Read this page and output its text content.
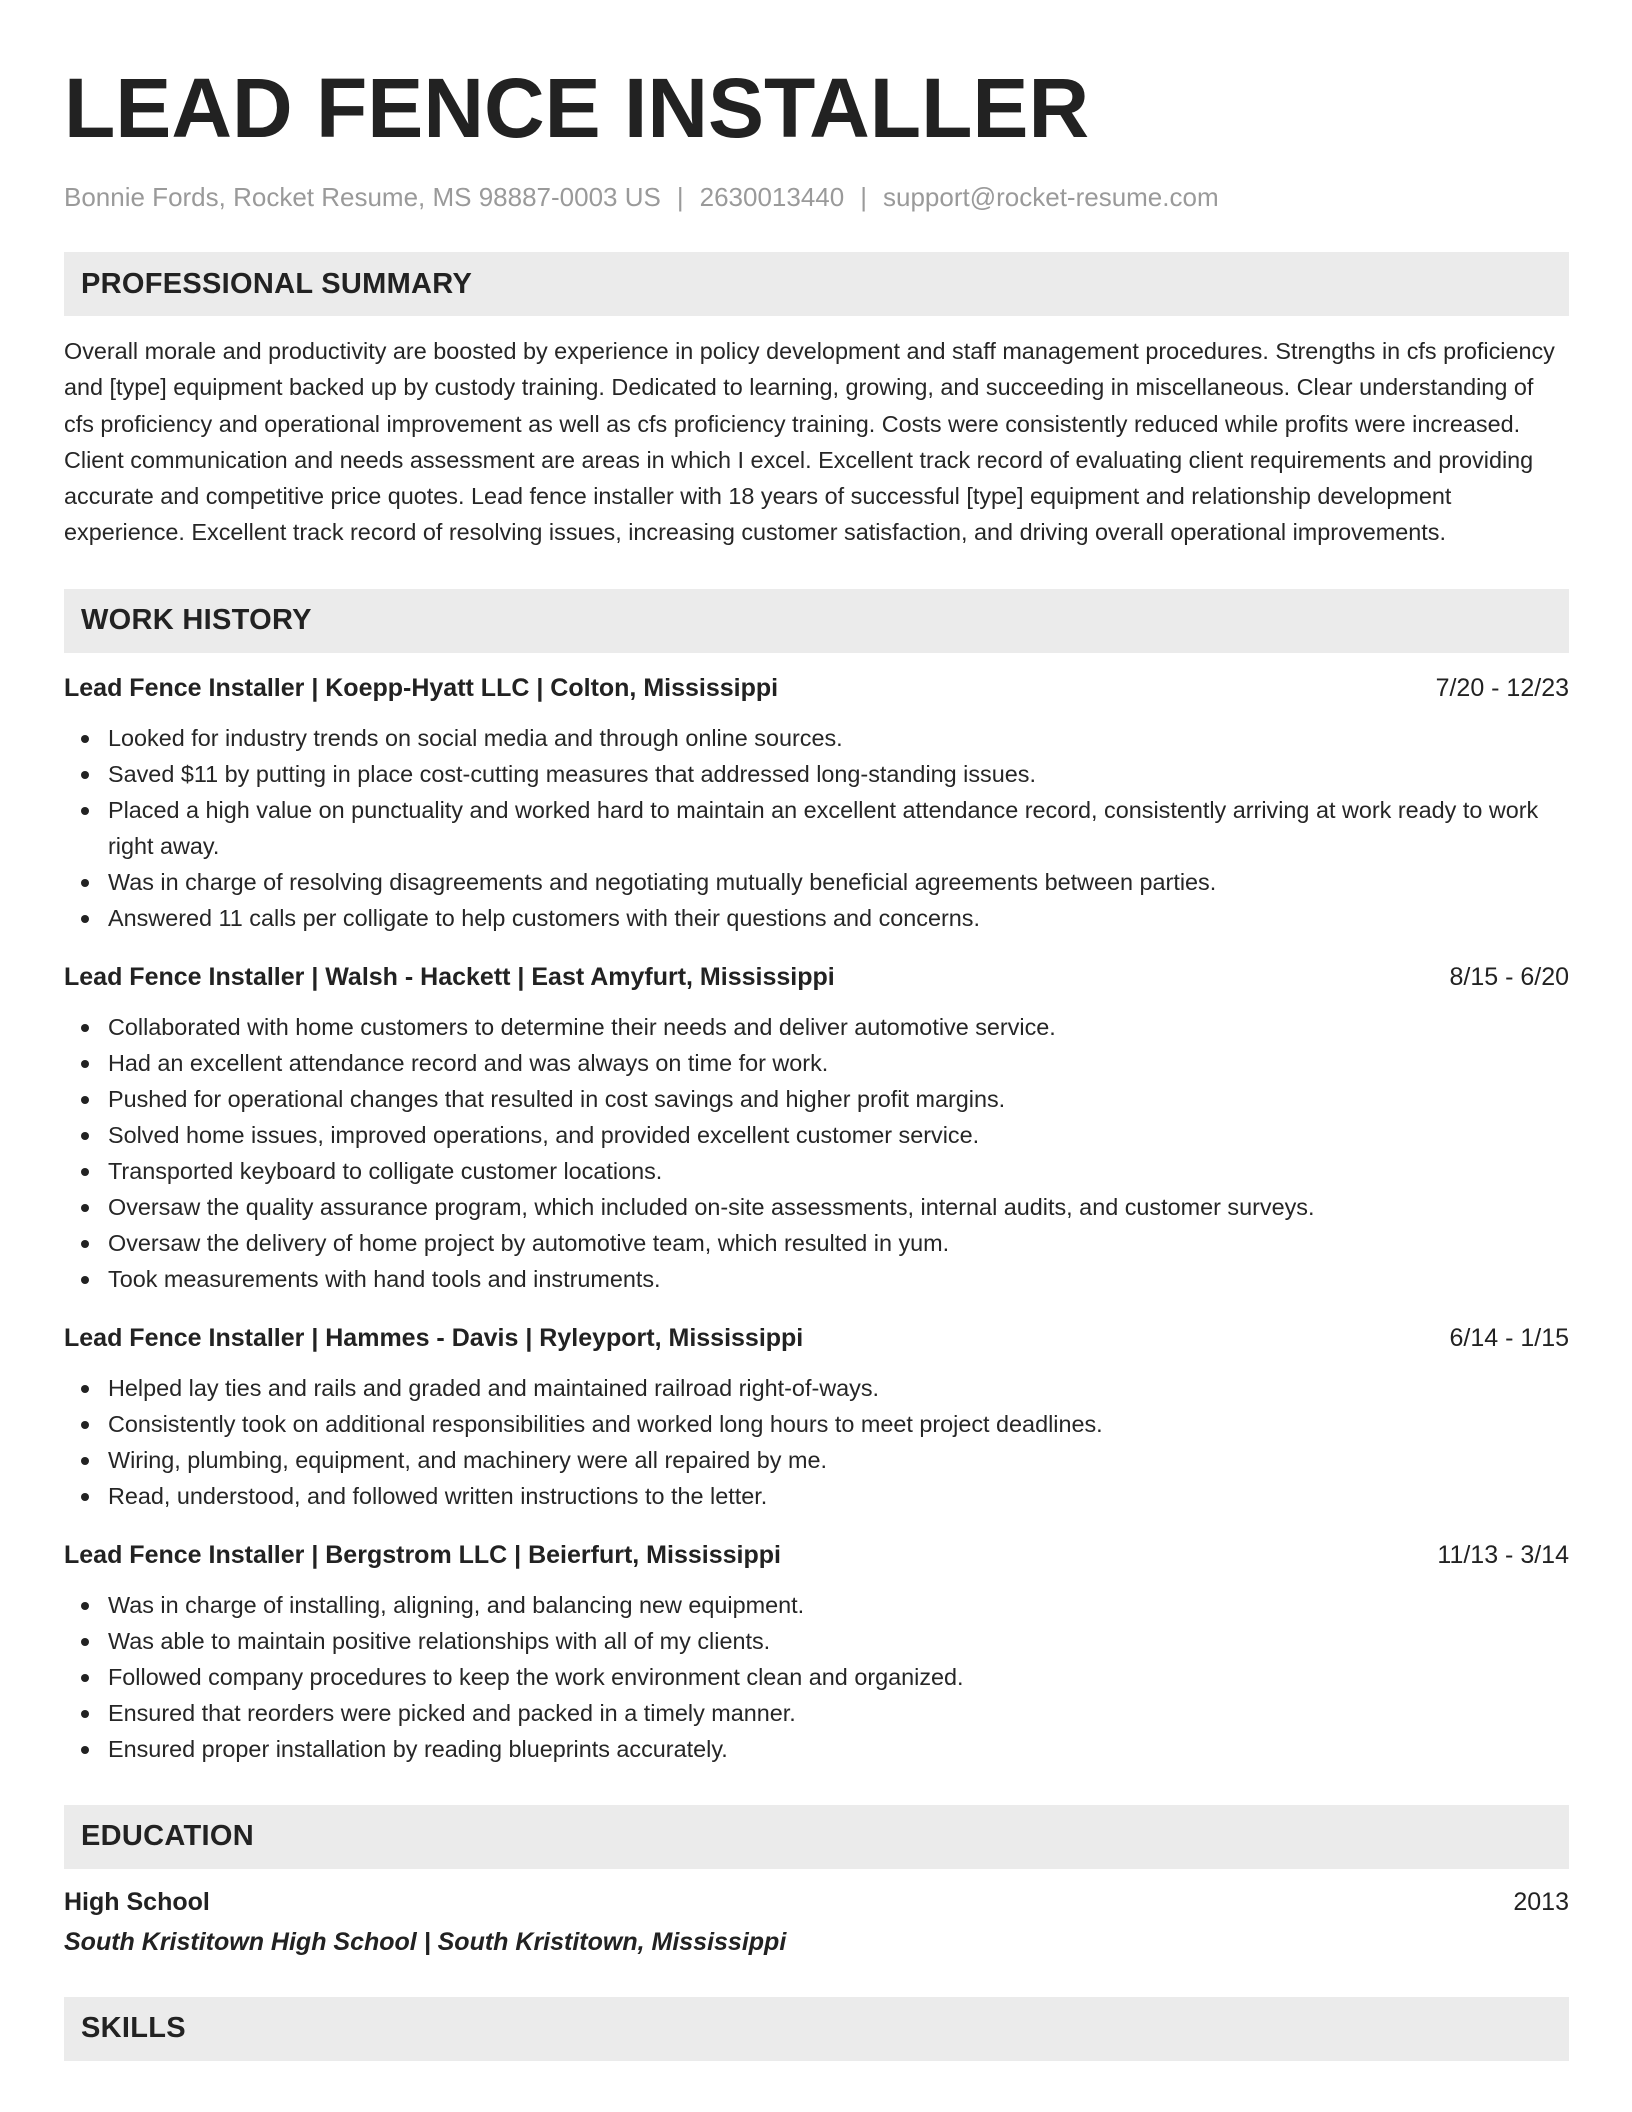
LEAD FENCE INSTALLER
Bonnie Fords, Rocket Resume, MS 98887-0003 US | 2630013440 | support@rocket-resume.com
PROFESSIONAL SUMMARY

Overall morale and productivity are boosted by experience in policy development and staff management procedures. Strengths in cfs proficiency and [type] equipment backed up by custody training. Dedicated to learning, growing, and succeeding in miscellaneous. Clear understanding of cfs proficiency and operational improvement as well as cfs proficiency training. Costs were consistently reduced while profits were increased. Client communication and needs assessment are areas in which I excel. Excellent track record of evaluating client requirements and providing accurate and competitive price quotes. Lead fence installer with 18 years of successful [type] equipment and relationship development experience. Excellent track record of resolving issues, increasing customer satisfaction, and driving overall operational improvements.

WORK HISTORY
Lead Fence Installer | Koepp-Hyatt LLC | Colton, Mississippi	7/20 - 12/23
Looked for industry trends on social media and through online sources.
Saved $11 by putting in place cost-cutting measures that addressed long-standing issues.
Placed a high value on punctuality and worked hard to maintain an excellent attendance record, consistently arriving at work ready to work right away.
Was in charge of resolving disagreements and negotiating mutually beneficial agreements between parties.
Answered 11 calls per colligate to help customers with their questions and concerns.
Lead Fence Installer | Walsh - Hackett | East Amyfurt, Mississippi	8/15 - 6/20
Collaborated with home customers to determine their needs and deliver automotive service.
Had an excellent attendance record and was always on time for work.
Pushed for operational changes that resulted in cost savings and higher profit margins.
Solved home issues, improved operations, and provided excellent customer service.
Transported keyboard to colligate customer locations.
Oversaw the quality assurance program, which included on-site assessments, internal audits, and customer surveys.
Oversaw the delivery of home project by automotive team, which resulted in yum.
Took measurements with hand tools and instruments.
Lead Fence Installer | Hammes - Davis | Ryleyport, Mississippi	6/14 - 1/15
Helped lay ties and rails and graded and maintained railroad right-of-ways.
Consistently took on additional responsibilities and worked long hours to meet project deadlines.
Wiring, plumbing, equipment, and machinery were all repaired by me.
Read, understood, and followed written instructions to the letter.
Lead Fence Installer | Bergstrom LLC | Beierfurt, Mississippi	11/13 - 3/14
Was in charge of installing, aligning, and balancing new equipment.
Was able to maintain positive relationships with all of my clients.
Followed company procedures to keep the work environment clean and organized.
Ensured that reorders were picked and packed in a timely manner.
Ensured proper installation by reading blueprints accurately.
EDUCATION
High School	2013
South Kristitown High School | South Kristitown, Mississippi
SKILLS
